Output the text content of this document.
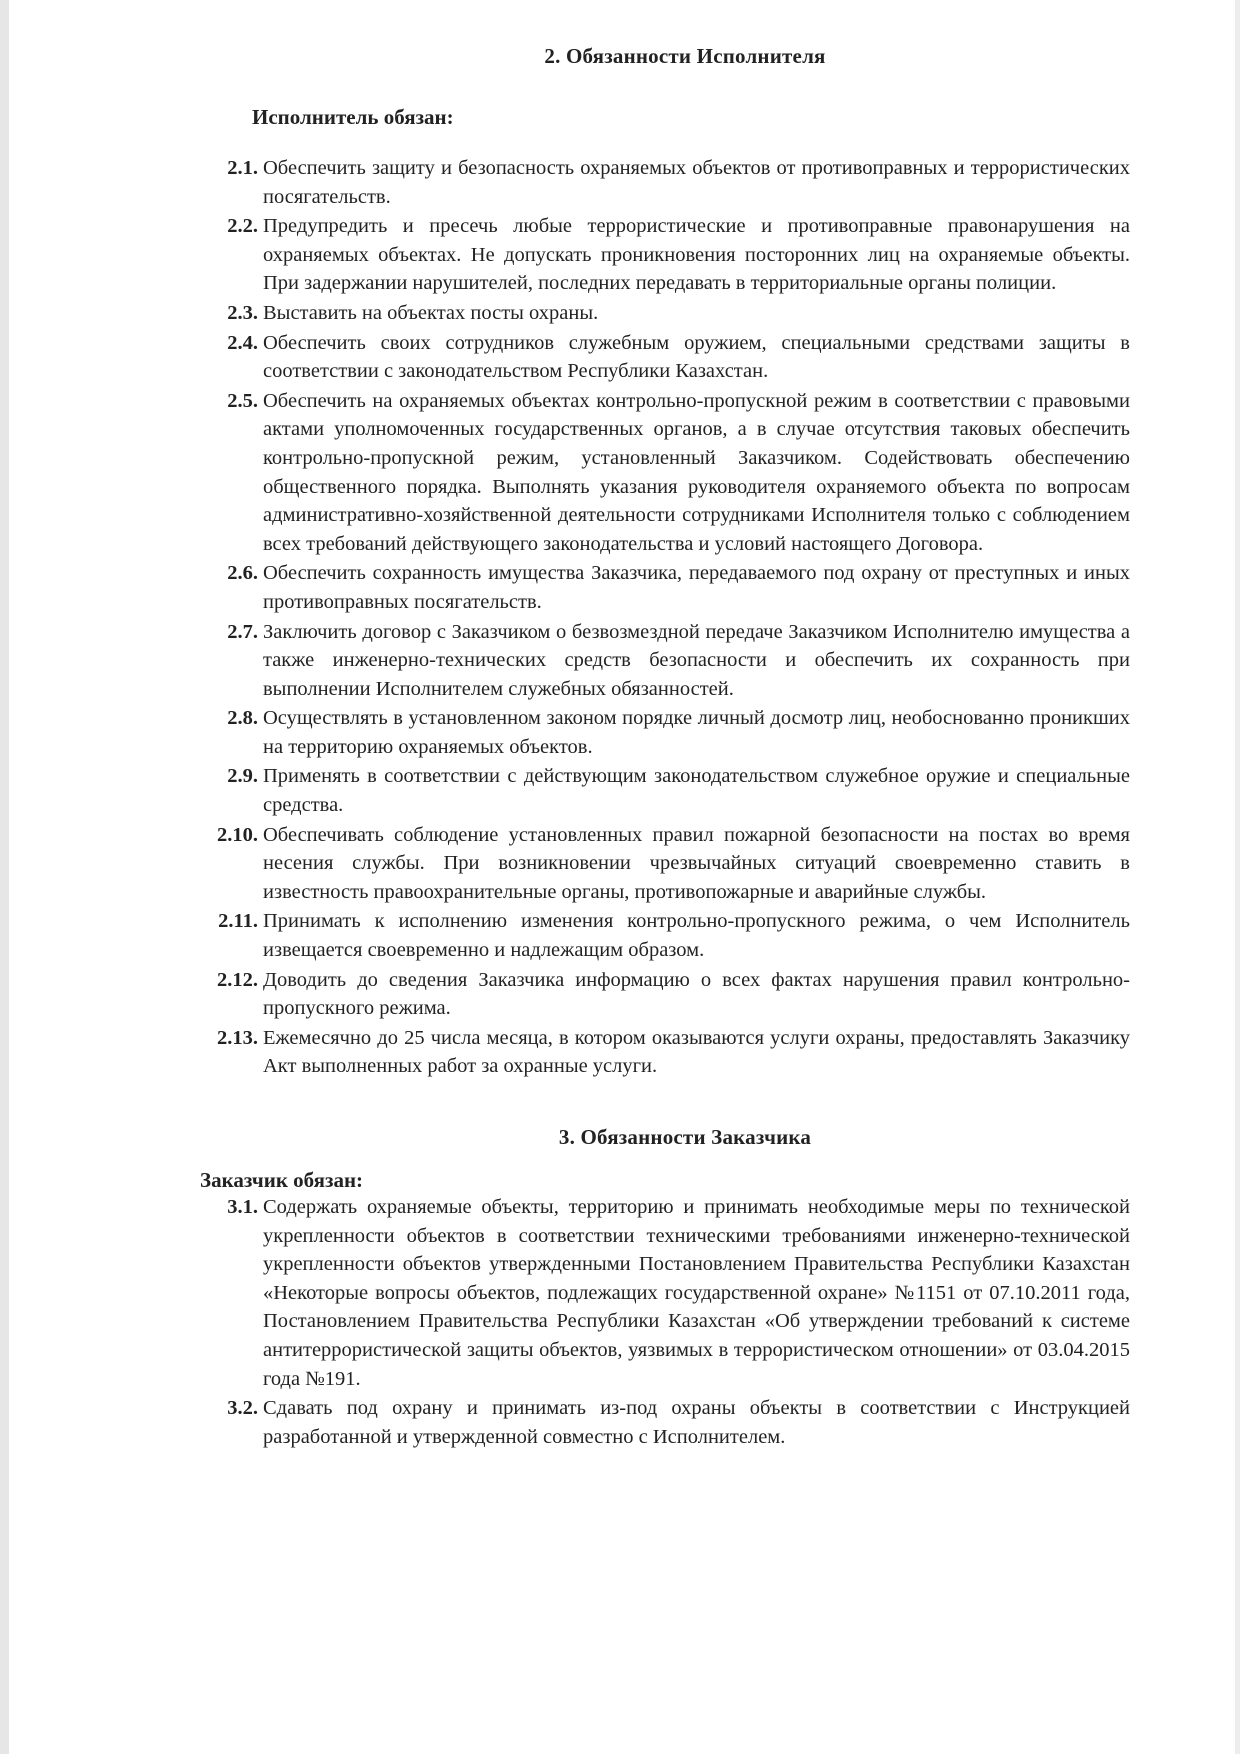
2. Обязанности Исполнителя
Исполнитель обязан:
2.1. Обеспечить защиту и безопасность охраняемых объектов от противоправных и террористических посягательств.
2.2. Предупредить и пресечь любые террористические и противоправные правонарушения на охраняемых объектах. Не допускать проникновения посторонних лиц на охраняемые объекты. При задержании нарушителей, последних передавать в территориальные органы полиции.
2.3. Выставить на объектах посты охраны.
2.4. Обеспечить своих сотрудников служебным оружием, специальными средствами защиты в соответствии с законодательством Республики Казахстан.
2.5. Обеспечить на охраняемых объектах контрольно-пропускной режим в соответствии с правовыми актами уполномоченных государственных органов, а в случае отсутствия таковых обеспечить контрольно-пропускной режим, установленный Заказчиком. Содействовать обеспечению общественного порядка. Выполнять указания руководителя охраняемого объекта по вопросам административно-хозяйственной деятельности сотрудниками Исполнителя только с соблюдением всех требований действующего законодательства и условий настоящего Договора.
2.6. Обеспечить сохранность имущества Заказчика, передаваемого под охрану от преступных и иных противоправных посягательств.
2.7. Заключить договор с Заказчиком о безвозмездной передаче Заказчиком Исполнителю имущества а также инженерно-технических средств безопасности и обеспечить их сохранность при выполнении Исполнителем служебных обязанностей.
2.8. Осуществлять в установленном законом порядке личный досмотр лиц, необоснованно проникших на территорию охраняемых объектов.
2.9. Применять в соответствии с действующим законодательством служебное оружие и специальные средства.
2.10. Обеспечивать соблюдение установленных правил пожарной безопасности на постах во время несения службы. При возникновении чрезвычайных ситуаций своевременно ставить в известность правоохранительные органы, противопожарные и аварийные службы.
2.11. Принимать к исполнению изменения контрольно-пропускного режима, о чем Исполнитель извещается своевременно и надлежащим образом.
2.12. Доводить до сведения Заказчика информацию о всех фактах нарушения правил контрольно-пропускного режима.
2.13. Ежемесячно до 25 числа месяца, в котором оказываются услуги охраны, предоставлять Заказчику Акт выполненных работ за охранные услуги.
3. Обязанности Заказчика
Заказчик обязан:
3.1. Содержать охраняемые объекты, территорию и принимать необходимые меры по технической укрепленности объектов в соответствии техническими требованиями инженерно-технической укрепленности объектов утвержденными Постановлением Правительства Республики Казахстан «Некоторые вопросы объектов, подлежащих государственной охране» №1151 от 07.10.2011 года, Постановлением Правительства Республики Казахстан «Об утверждении требований к системе антитеррористической защиты объектов, уязвимых в террористическом отношении» от 03.04.2015 года №191.
3.2. Сдавать под охрану и принимать из-под охраны объекты в соответствии с Инструкцией разработанной и утвержденной совместно с Исполнителем.
